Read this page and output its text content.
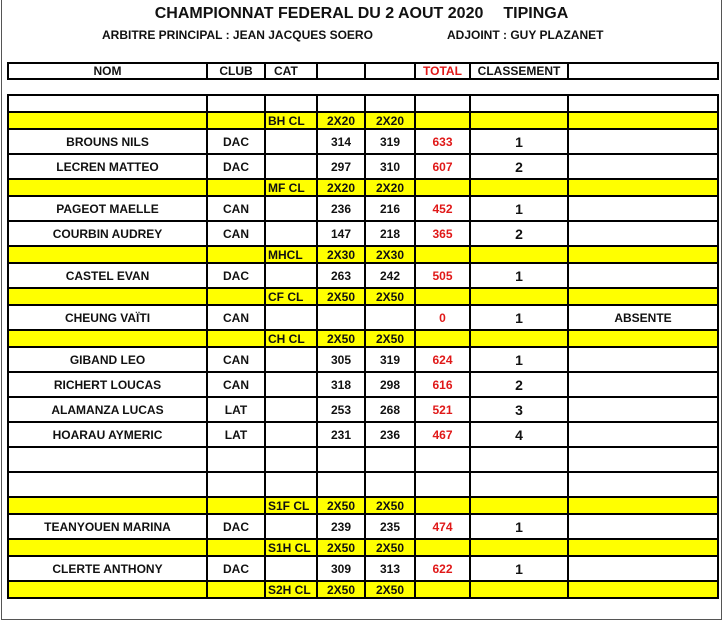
CHAMPIONNAT FEDERAL DU 2 AOUT 2020 TIPINGA
ARBITRE PRINCIPAL : JEAN JACQUES SOERO	ADJOINT : GUY PLAZANET
NOM	CLUB	CAT			TOTAL	CLASSEMENT	

		BH CL	2X20	2X20			
BROUNS NILS	DAC		314	319	633	1	
LECREN MATTEO	DAC		297	310	607	2	
		MF CL	2X20	2X20			
PAGEOT MAELLE	CAN		236	216	452	1	
COURBIN AUDREY	CAN		147	218	365	2	
		MHCL	2X30	2X30			
CASTEL EVAN	DAC		263	242	505	1	
		CF CL	2X50	2X50			
CHEUNG VAÏTI	CAN				0	1	ABSENTE
		CH CL	2X50	2X50			
GIBAND LEO	CAN		305	319	624	1	
RICHERT LOUCAS	CAN		318	298	616	2	
ALAMANZA LUCAS	LAT		253	268	521	3	
HOARAU AYMERIC	LAT		231	236	467	4	

		S1F CL	2X50	2X50			
TEANYOUEN MARINA	DAC		239	235	474	1	
		S1H CL	2X50	2X50			
CLERTE ANTHONY	DAC		309	313	622	1	
		S2H CL	2X50	2X50			
